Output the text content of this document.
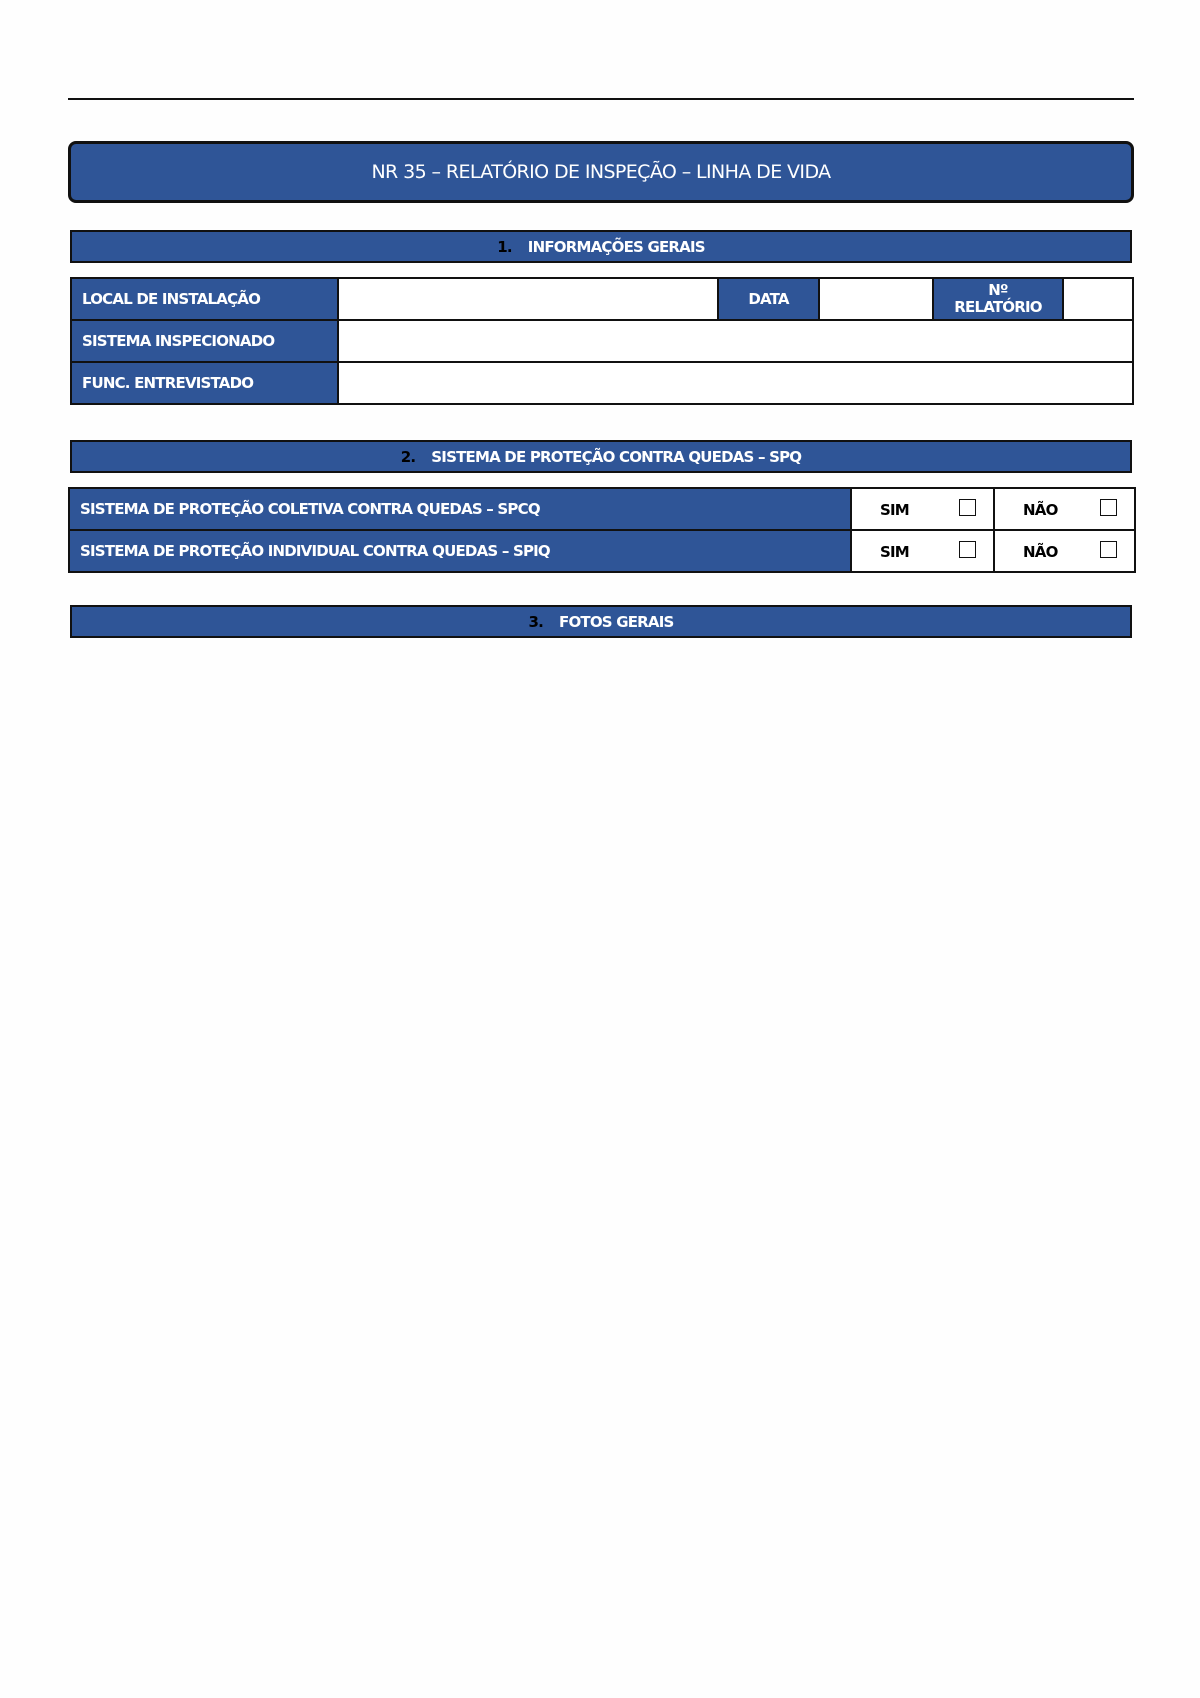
NR 35 – RELATÓRIO DE INSPEÇÃO – LINHA DE VIDA
1. INFORMAÇÕES GERAIS
LOCAL DE INSTALAÇÃO		DATA		Nº
RELATÓRIO	

SISTEMA INSPECIONADO					
FUNC. ENTREVISTADO					
2. SISTEMA DE PROTEÇÃO CONTRA QUEDAS – SPQ
SISTEMA DE PROTEÇÃO COLETIVA CONTRA QUEDAS – SPCQ	SIM	NÃO

SISTEMA DE PROTEÇÃO INDIVIDUAL CONTRA QUEDAS – SPIQ	SIM	NÃO
3. FOTOS GERAIS
